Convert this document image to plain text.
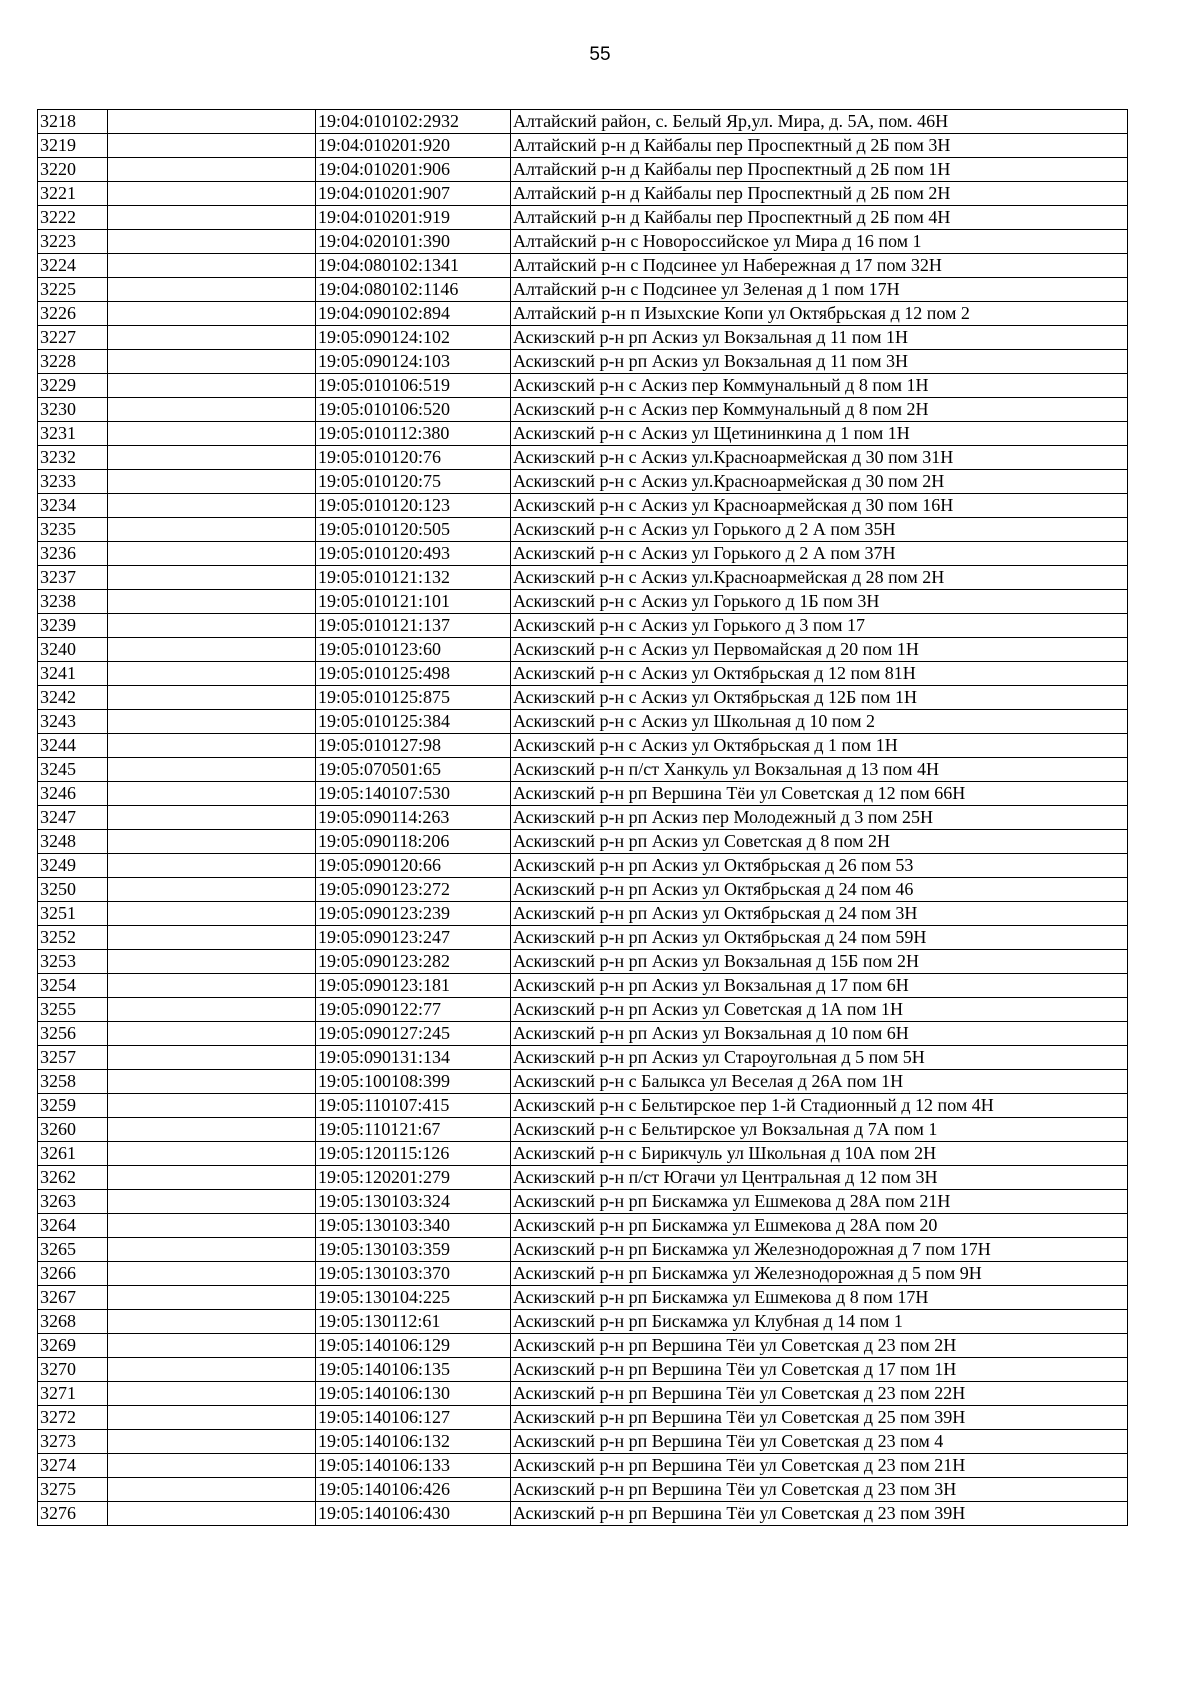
55
3218		19:04:010102:2932	Алтайский район, с. Белый Яр,ул. Мира, д. 5А, пом. 46Н
3219		19:04:010201:920	Алтайский р-н д Кайбалы пер Проспектный д 2Б пом 3Н
3220		19:04:010201:906	Алтайский р-н д Кайбалы пер Проспектный д 2Б пом 1Н
3221		19:04:010201:907	Алтайский р-н д Кайбалы пер Проспектный д 2Б пом 2Н
3222		19:04:010201:919	Алтайский р-н д Кайбалы пер Проспектный д 2Б пом 4Н
3223		19:04:020101:390	Алтайский р-н с Новороссийское ул Мира д 16 пом 1
3224		19:04:080102:1341	Алтайский р-н с Подсинее ул Набережная д 17 пом 32Н
3225		19:04:080102:1146	Алтайский р-н с Подсинее ул Зеленая д 1 пом 17Н
3226		19:04:090102:894	Алтайский р-н п Изыхские Копи ул Октябрьская д 12 пом 2
3227		19:05:090124:102	Аскизский р-н рп Аскиз ул Вокзальная д 11 пом 1Н
3228		19:05:090124:103	Аскизский р-н рп Аскиз ул Вокзальная д 11 пом 3Н
3229		19:05:010106:519	Аскизский р-н с Аскиз пер Коммунальный д 8 пом 1Н
3230		19:05:010106:520	Аскизский р-н с Аскиз пер Коммунальный д 8 пом 2Н
3231		19:05:010112:380	Аскизский р-н с Аскиз ул Щетининкина д 1 пом 1Н
3232		19:05:010120:76	Аскизский р-н с Аскиз ул.Красноармейская д 30 пом 31Н
3233		19:05:010120:75	Аскизский р-н с Аскиз ул.Красноармейская д 30 пом 2Н
3234		19:05:010120:123	Аскизский р-н с Аскиз ул Красноармейская д 30 пом 16Н
3235		19:05:010120:505	Аскизский р-н с Аскиз ул Горького д 2 А пом 35Н
3236		19:05:010120:493	Аскизский р-н с Аскиз ул Горького д 2 А пом 37Н
3237		19:05:010121:132	Аскизский р-н с Аскиз ул.Красноармейская д 28 пом 2Н
3238		19:05:010121:101	Аскизский р-н с Аскиз ул Горького д 1Б пом 3Н
3239		19:05:010121:137	Аскизский р-н с Аскиз ул Горького д 3 пом 17
3240		19:05:010123:60	Аскизский р-н с Аскиз ул Первомайская д 20 пом 1Н
3241		19:05:010125:498	Аскизский р-н с Аскиз ул Октябрьская д 12 пом 81Н
3242		19:05:010125:875	Аскизский р-н с Аскиз ул Октябрьская д 12Б пом 1Н
3243		19:05:010125:384	Аскизский р-н с Аскиз ул Школьная д 10 пом 2
3244		19:05:010127:98	Аскизский р-н с Аскиз ул Октябрьская д 1 пом 1Н
3245		19:05:070501:65	Аскизский р-н п/ст Ханкуль ул Вокзальная д 13 пом 4Н
3246		19:05:140107:530	Аскизский р-н рп Вершина Тёи ул Советская д 12 пом 66Н
3247		19:05:090114:263	Аскизский р-н рп Аскиз пер Молодежный д 3 пом 25Н
3248		19:05:090118:206	Аскизский р-н рп Аскиз ул Советская д 8 пом 2Н
3249		19:05:090120:66	Аскизский р-н рп Аскиз ул Октябрьская д 26 пом 53
3250		19:05:090123:272	Аскизский р-н рп Аскиз ул Октябрьская д 24 пом 46
3251		19:05:090123:239	Аскизский р-н рп Аскиз ул Октябрьская д 24 пом 3Н
3252		19:05:090123:247	Аскизский р-н рп Аскиз ул Октябрьская д 24 пом 59Н
3253		19:05:090123:282	Аскизский р-н рп Аскиз ул Вокзальная д 15Б пом 2Н
3254		19:05:090123:181	Аскизский р-н рп Аскиз ул Вокзальная д 17 пом 6Н
3255		19:05:090122:77	Аскизский р-н рп Аскиз ул Советская д 1А пом 1Н
3256		19:05:090127:245	Аскизский р-н рп Аскиз ул Вокзальная д 10 пом 6Н
3257		19:05:090131:134	Аскизский р-н рп Аскиз ул Староугольная д 5 пом 5Н
3258		19:05:100108:399	Аскизский р-н с Балыкса ул Веселая д 26А пом 1Н
3259		19:05:110107:415	Аскизский р-н с Бельтирское пер 1-й Стадионный д 12 пом 4Н
3260		19:05:110121:67	Аскизский р-н с Бельтирское ул Вокзальная д 7А пом 1
3261		19:05:120115:126	Аскизский р-н с Бирикчуль ул Школьная д 10А пом 2Н
3262		19:05:120201:279	Аскизский р-н п/ст Югачи ул Центральная д 12 пом 3Н
3263		19:05:130103:324	Аскизский р-н рп Бискамжа ул Ешмекова д 28А пом 21Н
3264		19:05:130103:340	Аскизский р-н рп Бискамжа ул Ешмекова д 28А пом 20
3265		19:05:130103:359	Аскизский р-н рп Бискамжа ул Железнодорожная д 7 пом 17Н
3266		19:05:130103:370	Аскизский р-н рп Бискамжа ул Железнодорожная д 5 пом 9Н
3267		19:05:130104:225	Аскизский р-н рп Бискамжа ул Ешмекова д 8 пом 17Н
3268		19:05:130112:61	Аскизский р-н рп Бискамжа ул Клубная д 14 пом 1
3269		19:05:140106:129	Аскизский р-н рп Вершина Тёи ул Советская д 23 пом 2Н
3270		19:05:140106:135	Аскизский р-н рп Вершина Тёи ул Советская д 17 пом 1Н
3271		19:05:140106:130	Аскизский р-н рп Вершина Тёи ул Советская д 23 пом 22Н
3272		19:05:140106:127	Аскизский р-н рп Вершина Тёи ул Советская д 25 пом 39Н
3273		19:05:140106:132	Аскизский р-н рп Вершина Тёи ул Советская д 23 пом 4
3274		19:05:140106:133	Аскизский р-н рп Вершина Тёи ул Советская д 23 пом 21Н
3275		19:05:140106:426	Аскизский р-н рп Вершина Тёи ул Советская д 23 пом 3Н
3276		19:05:140106:430	Аскизский р-н рп Вершина Тёи ул Советская д 23 пом 39Н
